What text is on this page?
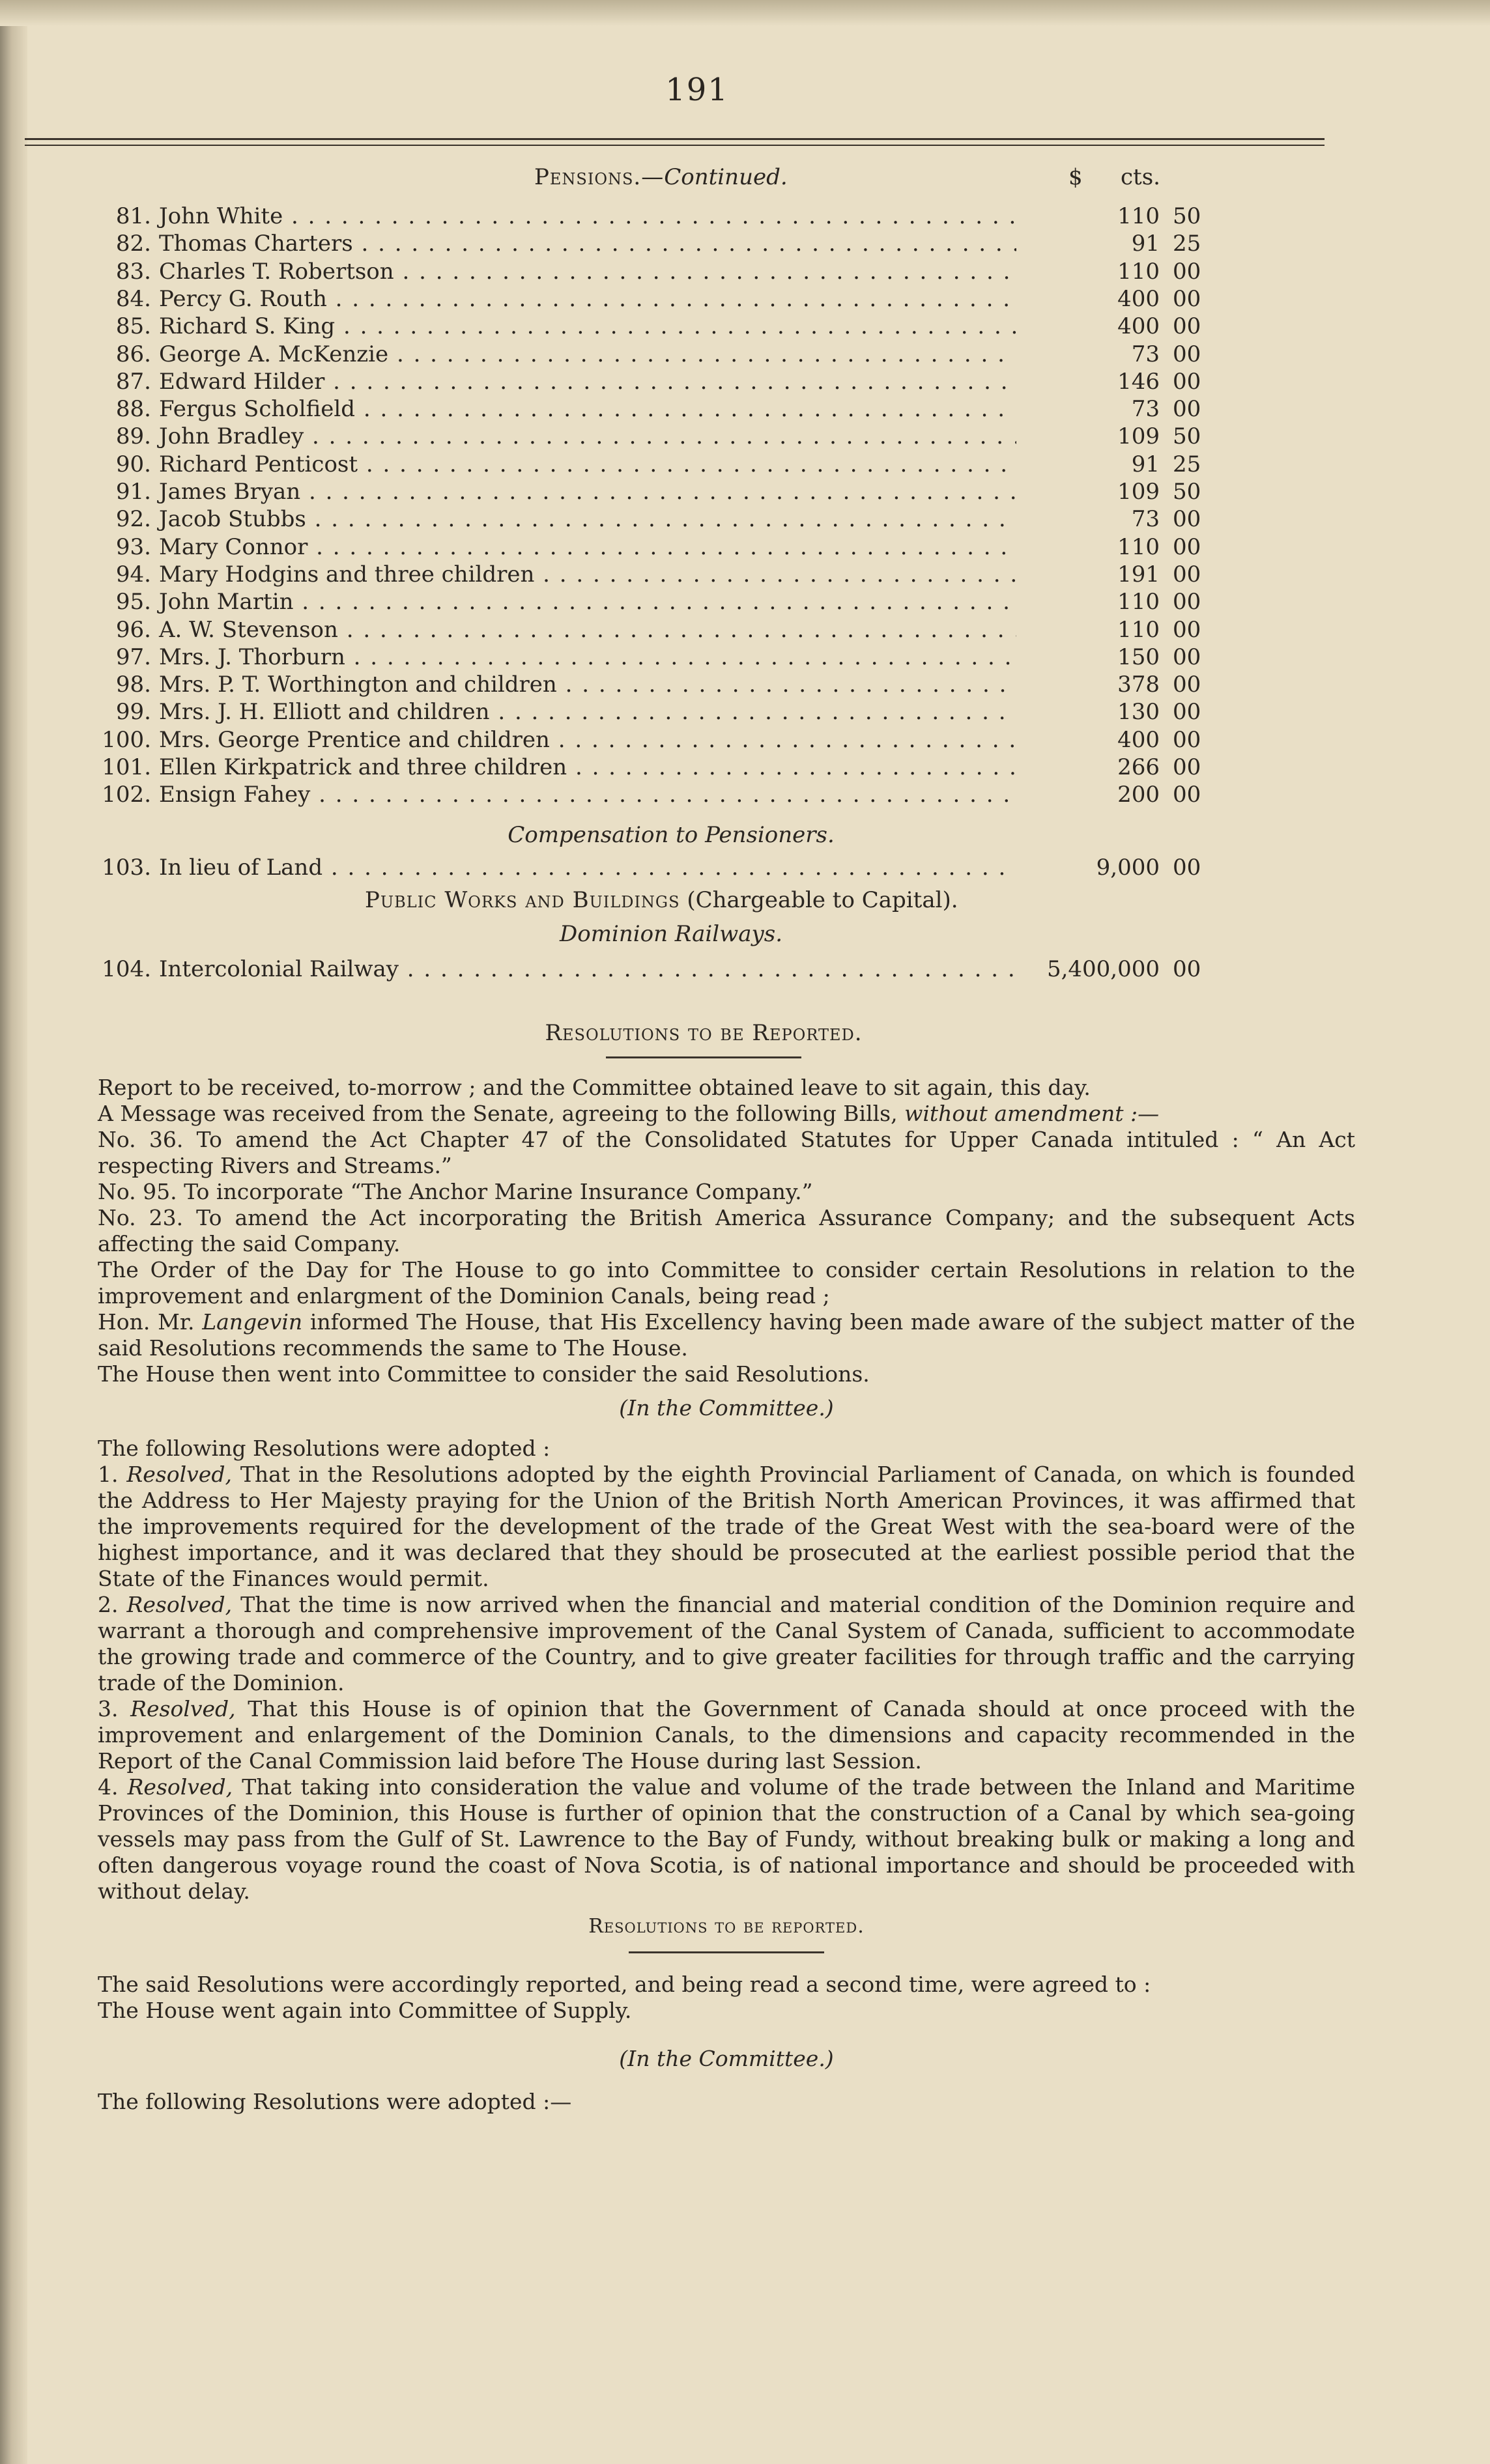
191
Pensions.—Continued.	$ cts.
81. John White . . .	110 50
82. Thomas Charters . . .	91 25
83. Charles T. Robertson . . .	110 00
84. Percy G. Routh . . .	400 00
85. Richard S. King . . .	400 00
86. George A. McKenzie . . .	73 00
87. Edward Hilder . . .	146 00
88. Fergus Scholfield . . .	73 00
89. John Bradley . . .	109 50
90. Richard Penticost . . .	91 25
91. James Bryan . . .	109 50
92. Jacob Stubbs . . .	73 00
93. Mary Connor . . .	110 00
94. Mary Hodgins and three children . . .	191 00
95. John Martin . . .	110 00
96. A. W. Stevenson . . .	110 00
97. Mrs. J. Thorburn . . .	150 00
98. Mrs. P. T. Worthington and children . . .	378 00
99. Mrs. J. H. Elliott and children . . .	130 00
100. Mrs. George Prentice and children . . .	400 00
101. Ellen Kirkpatrick and three children . . .	266 00
102. Ensign Fahey . . .	200 00
Compensation to Pensioners.
103. In lieu of Land . . .	9,000 00
Public Works and Buildings (Chargeable to Capital).
Dominion Railways.
104. Intercolonial Railway . . .	5,400,000 00
Resolutions to be Reported.

Report to be received, to-morrow ; and the Committee obtained leave to sit again, this day.

A Message was received from the Senate, agreeing to the following Bills, without amendment :—

No. 36. To amend the Act Chapter 47 of the Consolidated Statutes for Upper Canada intituled : “ An Act respecting Rivers and Streams.”

No. 95. To incorporate “The Anchor Marine Insurance Company.”

No. 23. To amend the Act incorporating the British America Assurance Company; and the subsequent Acts affecting the said Company.

The Order of the Day for The House to go into Committee to consider certain Resolutions in relation to the improvement and enlargment of the Dominion Canals, being read ;

Hon. Mr. Langevin informed The House, that His Excellency having been made aware of the subject matter of the said Resolutions recommends the same to The House.

The House then went into Committee to consider the said Resolutions.

(In the Committee.)

The following Resolutions were adopted :

1. Resolved, That in the Resolutions adopted by the eighth Provincial Parliament of Canada, on which is founded the Address to Her Majesty praying for the Union of the British North American Provinces, it was affirmed that the improvements required for the development of the trade of the Great West with the sea-board were of the highest importance, and it was declared that they should be prosecuted at the earliest possible period that the State of the Finances would permit.

2. Resolved, That the time is now arrived when the financial and material condition of the Dominion require and warrant a thorough and comprehensive improvement of the Canal System of Canada, sufficient to accommodate the growing trade and commerce of the Country, and to give greater facilities for through traffic and the carrying trade of the Dominion.

3. Resolved, That this House is of opinion that the Government of Canada should at once proceed with the improvement and enlargement of the Dominion Canals, to the dimensions and capacity recommended in the Report of the Canal Commission laid before The House during last Session.

4. Resolved, That taking into consideration the value and volume of the trade between the Inland and Maritime Provinces of the Dominion, this House is further of opinion that the construction of a Canal by which sea-going vessels may pass from the Gulf of St. Lawrence to the Bay of Fundy, without breaking bulk or making a long and often dangerous voyage round the coast of Nova Scotia, is of national importance and should be proceeded with without delay.

Resolutions to be reported.

The said Resolutions were accordingly reported, and being read a second time, were agreed to :

The House went again into Committee of Supply.

(In the Committee.)

The following Resolutions were adopted :—
